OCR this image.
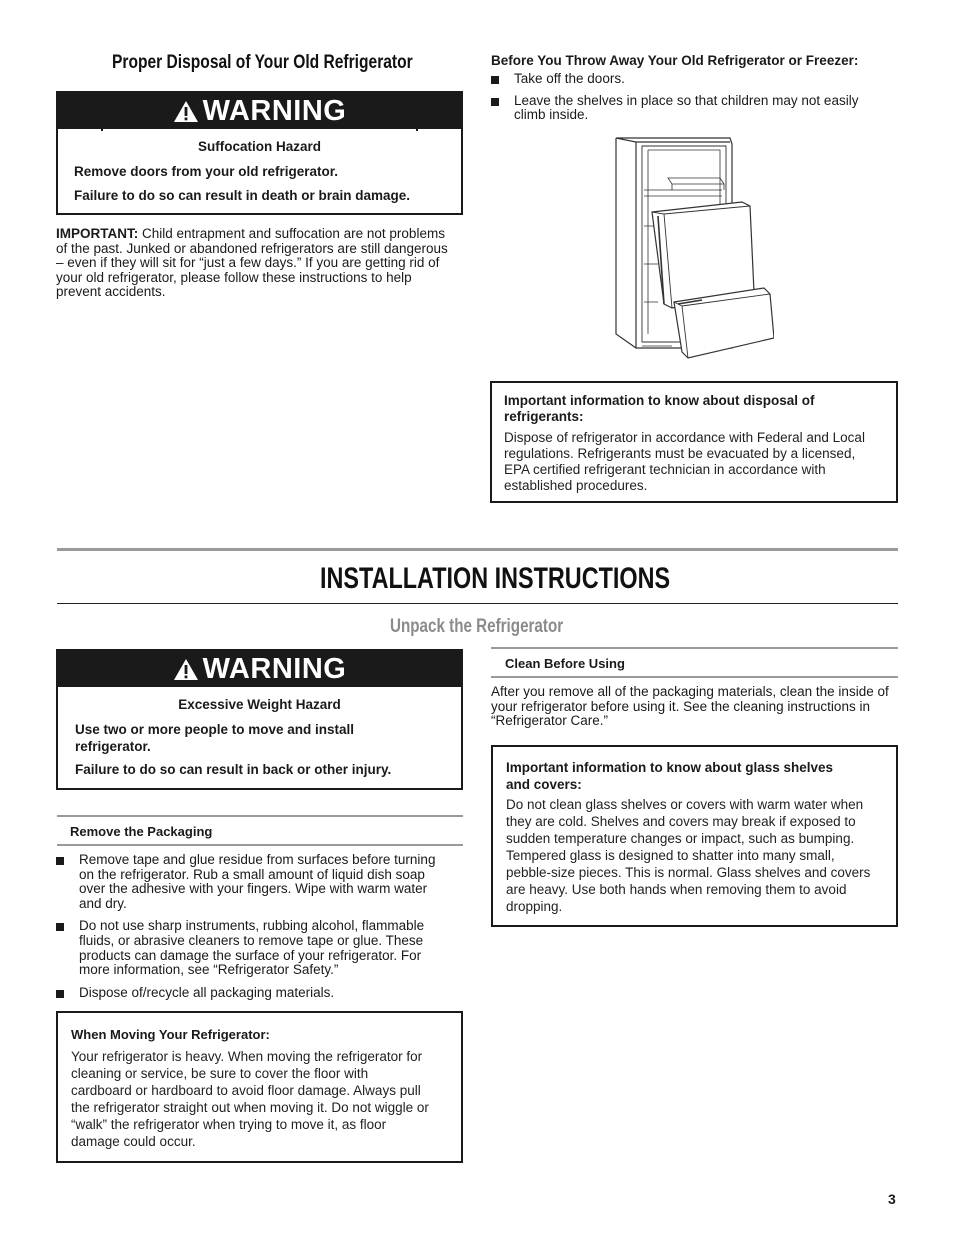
Proper Disposal of Your Old Refrigerator
WARNING

Suffocation Hazard

Remove doors from your old refrigerator.

Failure to do so can result in death or brain damage.

IMPORTANT: Child entrapment and suffocation are not problems
of the past. Junked or abandoned refrigerators are still dangerous
– even if they will sit for “just a few days.” If you are getting rid of
your old refrigerator, please follow these instructions to help
prevent accidents.
Before You Throw Away Your Old Refrigerator or Freezer:
Take off the doors.
Leave the shelves in place so that children may not easily
climb inside.
Important information to know about disposal of
refrigerants:
Dispose of refrigerator in accordance with Federal and Local
regulations. Refrigerants must be evacuated by a licensed,
EPA certified refrigerant technician in accordance with
established procedures.
INSTALLATION INSTRUCTIONS
Unpack the Refrigerator
WARNING

Excessive Weight Hazard

Use two or more people to move and install

refrigerator.

Failure to do so can result in back or other injury.

Remove the Packaging
Remove tape and glue residue from surfaces before turning
on the refrigerator. Rub a small amount of liquid dish soap
over the adhesive with your fingers. Wipe with warm water
and dry.
Do not use sharp instruments, rubbing alcohol, flammable
fluids, or abrasive cleaners to remove tape or glue. These
products can damage the surface of your refrigerator. For
more information, see “Refrigerator Safety.”
Dispose of/recycle all packaging materials.
When Moving Your Refrigerator:
Your refrigerator is heavy. When moving the refrigerator for
cleaning or service, be sure to cover the floor with
cardboard or hardboard to avoid floor damage. Always pull
the refrigerator straight out when moving it. Do not wiggle or
“walk” the refrigerator when trying to move it, as floor
damage could occur.
Clean Before Using
After you remove all of the packaging materials, clean the inside of
your refrigerator before using it. See the cleaning instructions in
“Refrigerator Care.”
Important information to know about glass shelves
and covers:
Do not clean glass shelves or covers with warm water when
they are cold. Shelves and covers may break if exposed to
sudden temperature changes or impact, such as bumping.
Tempered glass is designed to shatter into many small,
pebble-size pieces. This is normal. Glass shelves and covers
are heavy. Use both hands when removing them to avoid
dropping.
3
